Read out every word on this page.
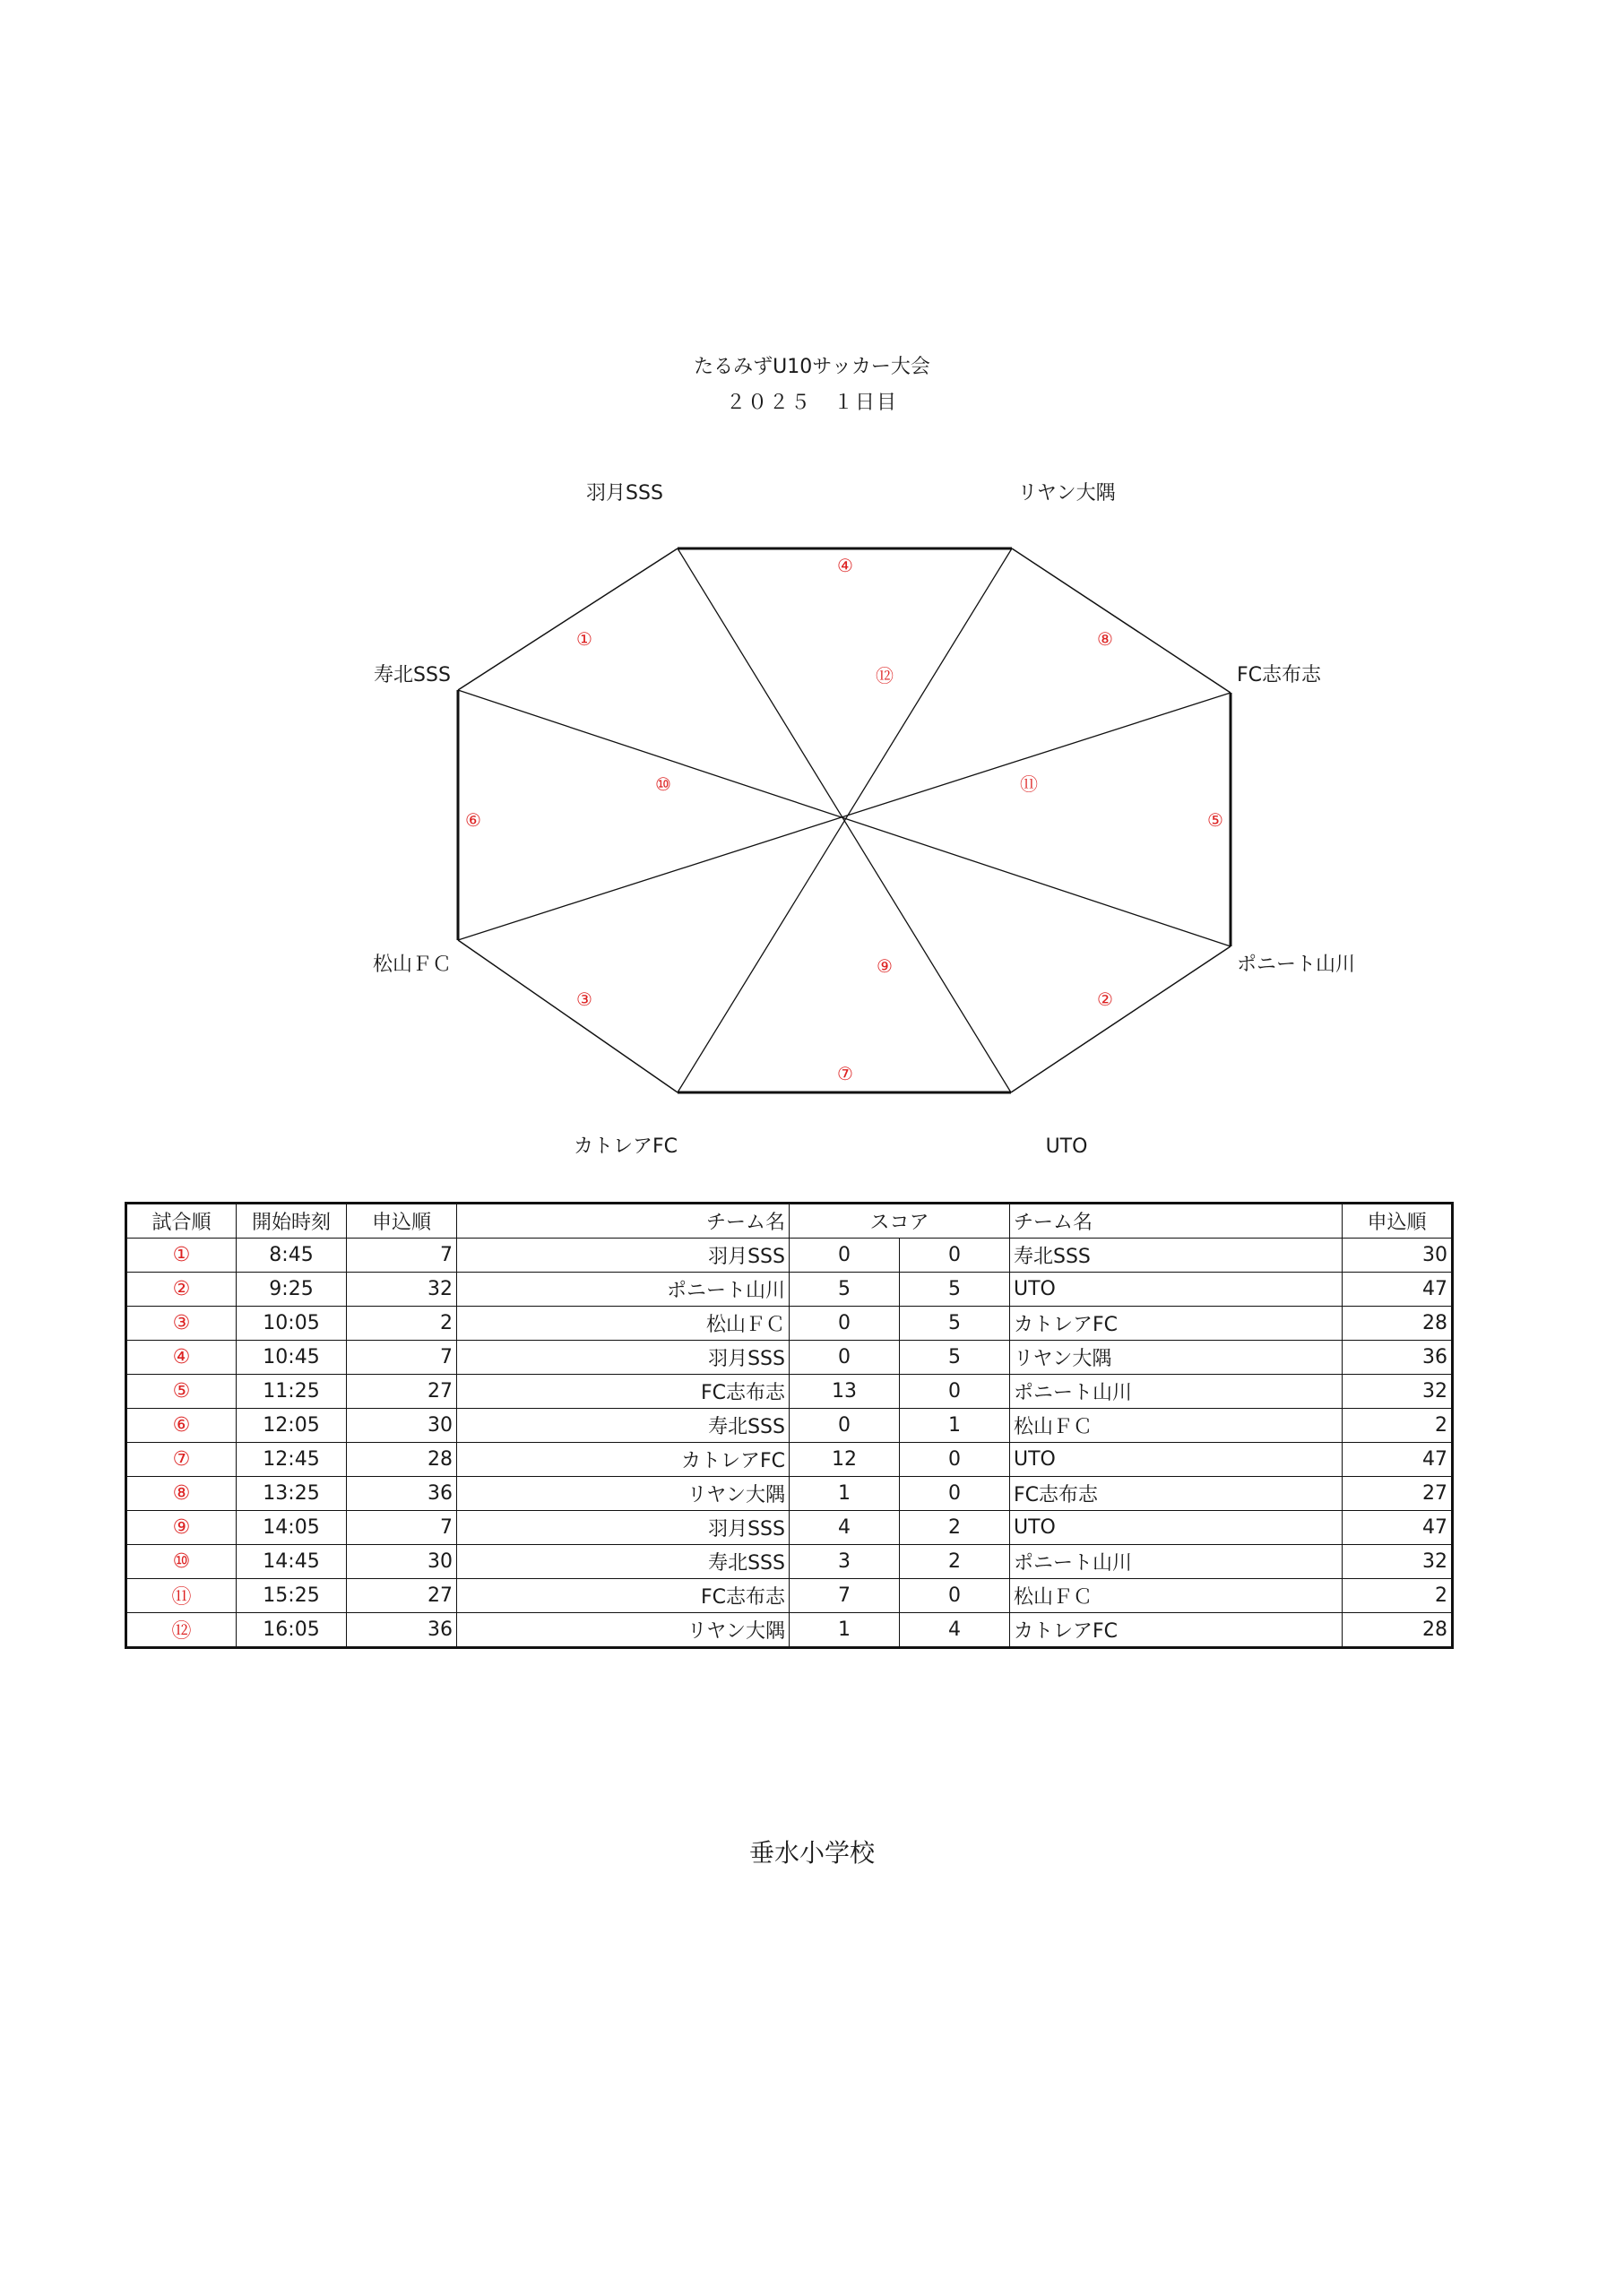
たるみずU10サッカー大会
２０２５　１日目
羽月SSS	リヤン大隅
FC志布志
ポニート山川
UTO
カトレアFC
松山ＦＣ
寿北SSS
④
⑧
⑤
②
⑦
③
⑥
①
⑫
⑪
⑨
⑩
試合順	開始時刻	申込順	チーム名	スコア		チーム名	申込順
①	8:45	7	羽月SSS	0	0	寿北SSS	30
②	9:25	32	ポニート山川	5	5	UTO	47
③	10:05	2	松山ＦＣ	0	5	カトレアFC	28
④	10:45	7	羽月SSS	0	5	リヤン大隅	36
⑤	11:25	27	FC志布志	13	0	ポニート山川	32
⑥	12:05	30	寿北SSS	0	1	松山ＦＣ	2
⑦	12:45	28	カトレアFC	12	0	UTO	47
⑧	13:25	36	リヤン大隅	1	0	FC志布志	27
⑨	14:05	7	羽月SSS	4	2	UTO	47
⑩	14:45	30	寿北SSS	3	2	ポニート山川	32
⑪	15:25	27	FC志布志	7	0	松山ＦＣ	2
⑫	16:05	36	リヤン大隅	1	4	カトレアFC	28
垂水小学校
